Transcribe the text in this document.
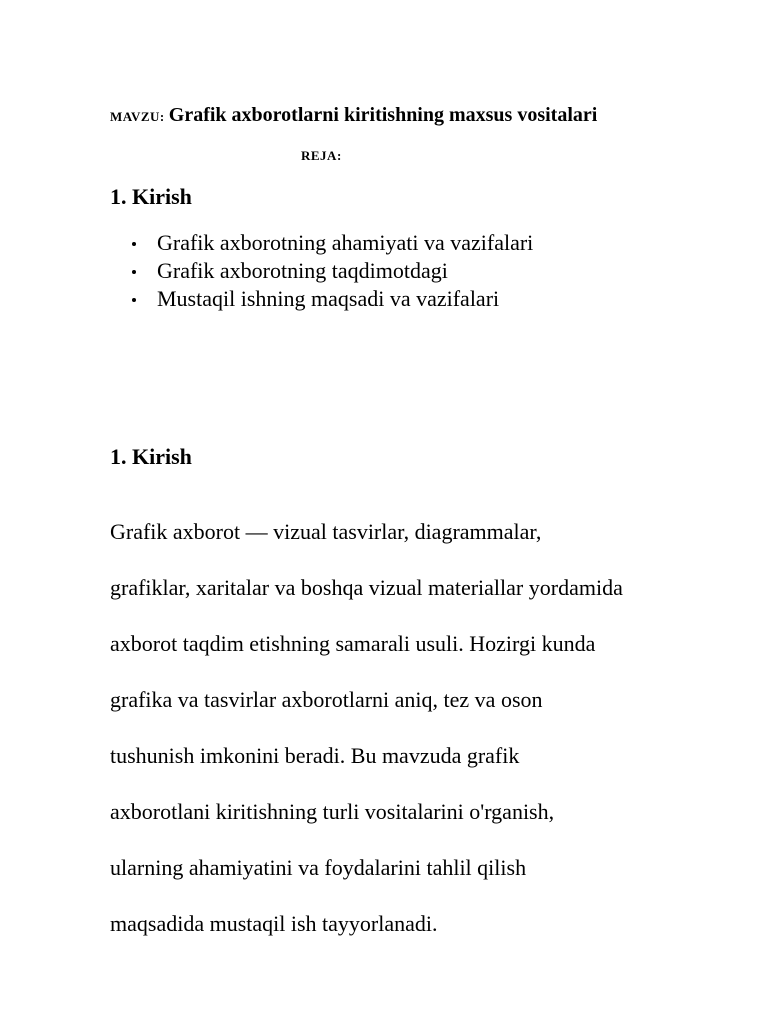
MAVZU: Grafik axborotlarni kiritishning maxsus vositalari
REJA:
1. Kirish
Grafik axborotning ahamiyati va vazifalari
Grafik axborotning taqdimotdagi
Mustaqil ishning maqsadi va vazifalari
1. Kirish

Grafik axborot — vizual tasvirlar, diagrammalar,
grafiklar, xaritalar va boshqa vizual materiallar yordamida
axborot taqdim etishning samarali usuli. Hozirgi kunda
grafika va tasvirlar axborotlarni aniq, tez va oson
tushunish imkonini beradi. Bu mavzuda grafik
axborotlani kiritishning turli vositalarini o'rganish,
ularning ahamiyatini va foydalarini tahlil qilish
maqsadida mustaqil ish tayyorlanadi.
